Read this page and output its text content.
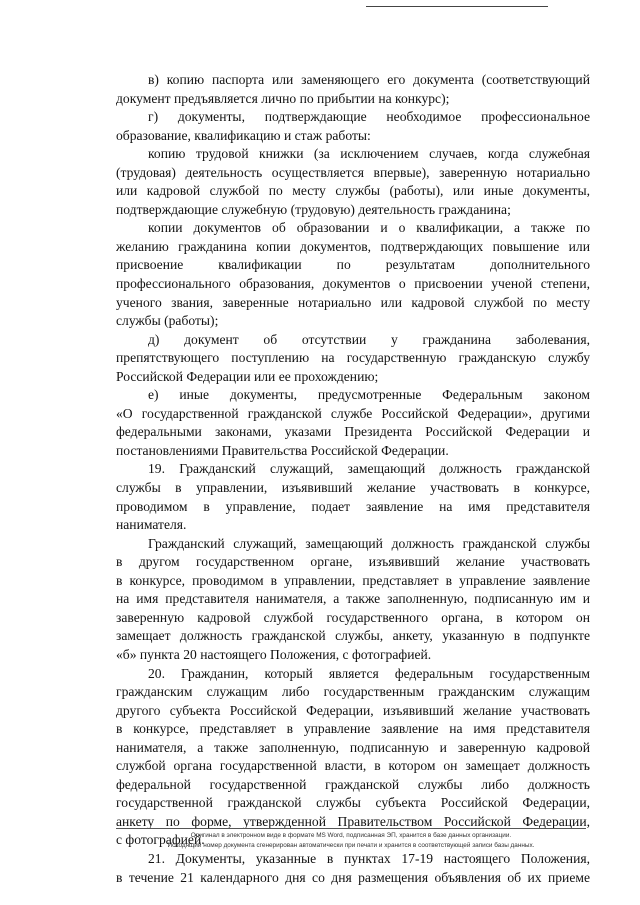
в) копию паспорта или заменяющего его документа (соответствующий
документ предъявляется лично по прибытии на конкурс);
г) документы, подтверждающие необходимое профессиональное
образование, квалификацию и стаж работы:
копию трудовой книжки (за исключением случаев, когда служебная
(трудовая) деятельность осуществляется впервые), заверенную нотариально
или кадровой службой по месту службы (работы), или иные документы,
подтверждающие служебную (трудовую) деятельность гражданина;
копии документов об образовании и о квалификации, а также по
желанию гражданина копии документов, подтверждающих повышение или
присвоение квалификации по результатам дополнительного
профессионального образования, документов о присвоении ученой степени,
ученого звания, заверенные нотариально или кадровой службой по месту
службы (работы);
д) документ об отсутствии у гражданина заболевания,
препятствующего поступлению на государственную гражданскую службу
Российской Федерации или ее прохождению;
е) иные документы, предусмотренные Федеральным законом
«О государственной гражданской службе Российской Федерации», другими
федеральными законами, указами Президента Российской Федерации и
постановлениями Правительства Российской Федерации.
19. Гражданский служащий, замещающий должность гражданской
службы в управлении, изъявивший желание участвовать в конкурсе,
проводимом в управление, подает заявление на имя представителя
нанимателя.
Гражданский служащий, замещающий должность гражданской службы
в другом государственном органе, изъявивший желание участвовать
в конкурсе, проводимом в управлении, представляет в управление заявление
на имя представителя нанимателя, а также заполненную, подписанную им и
заверенную кадровой службой государственного органа, в котором он
замещает должность гражданской службы, анкету, указанную в подпункте
«б» пункта 20 настоящего Положения, с фотографией.
20. Гражданин, который является федеральным государственным
гражданским служащим либо государственным гражданским служащим
другого субъекта Российской Федерации, изъявивший желание участвовать
в конкурсе, представляет в управление заявление на имя представителя
нанимателя, а также заполненную, подписанную и заверенную кадровой
службой органа государственной власти, в котором он замещает должность
федеральной государственной гражданской службы либо должность
государственной гражданской службы субъекта Российской Федерации,
анкету по форме, утвержденной Правительством Российской Федерации,
с фотографией.
21. Документы, указанные в пунктах 17-19 настоящего Положения,
в течение 21 календарного дня со дня размещения объявления об их приеме
Оригинал в электронном виде в формате MS Word, подписанная ЭП, хранится в базе данных организации.
Исходящий номер документа сгенерирован автоматически при печати и хранится в соответствующей записи базы данных.
